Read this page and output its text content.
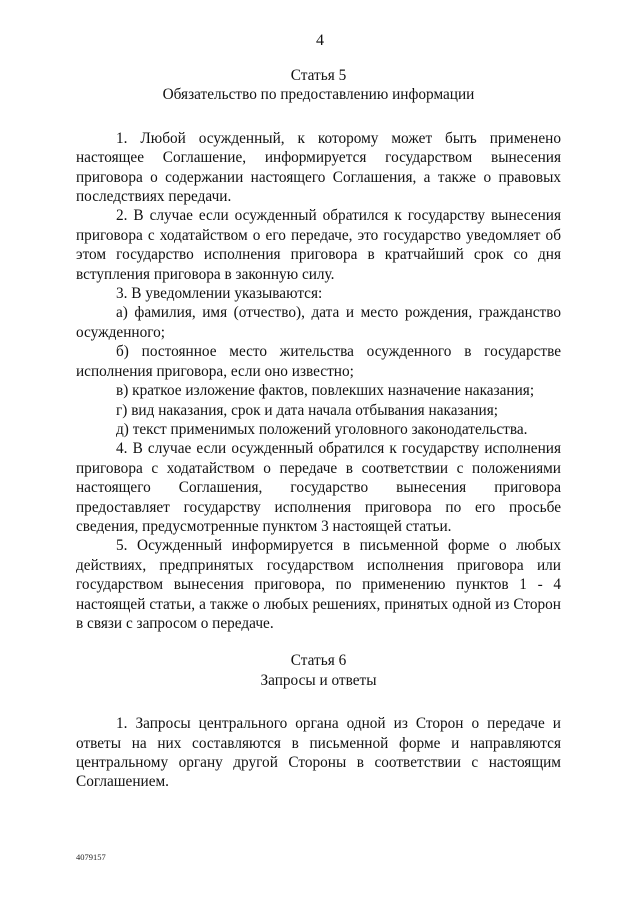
4

Статья 5

Обязательство по предоставлению информации

1. Любой осужденный, к которому может быть применено настоящее Соглашение, информируется государством вынесения приговора о содержании настоящего Соглашения, а также о правовых последствиях передачи.

2. В случае если осужденный обратился к государству вынесения приговора с ходатайством о его передаче, это государство уведомляет об этом государство исполнения приговора в кратчайший срок со дня вступления приговора в законную силу.

3. В уведомлении указываются:

а) фамилия, имя (отчество), дата и место рождения, гражданство осужденного;

б) постоянное место жительства осужденного в государстве исполнения приговора, если оно известно;

в) краткое изложение фактов, повлекших назначение наказания;

г) вид наказания, срок и дата начала отбывания наказания;

д) текст применимых положений уголовного законодательства.

4. В случае если осужденный обратился к государству исполнения приговора с ходатайством о передаче в соответствии с положениями настоящего Соглашения, государство вынесения приговора предоставляет государству исполнения приговора по его просьбе сведения, предусмотренные пунктом 3 настоящей статьи.

5. Осужденный информируется в письменной форме о любых действиях, предпринятых государством исполнения приговора или государством вынесения приговора, по применению пунктов 1 - 4 настоящей статьи, а также о любых решениях, принятых одной из Сторон в связи с запросом о передаче.

Статья 6

Запросы и ответы

1. Запросы центрального органа одной из Сторон о передаче и ответы на них составляются в письменной форме и направляются центральному органу другой Стороны в соответствии с настоящим Соглашением.

4079157
